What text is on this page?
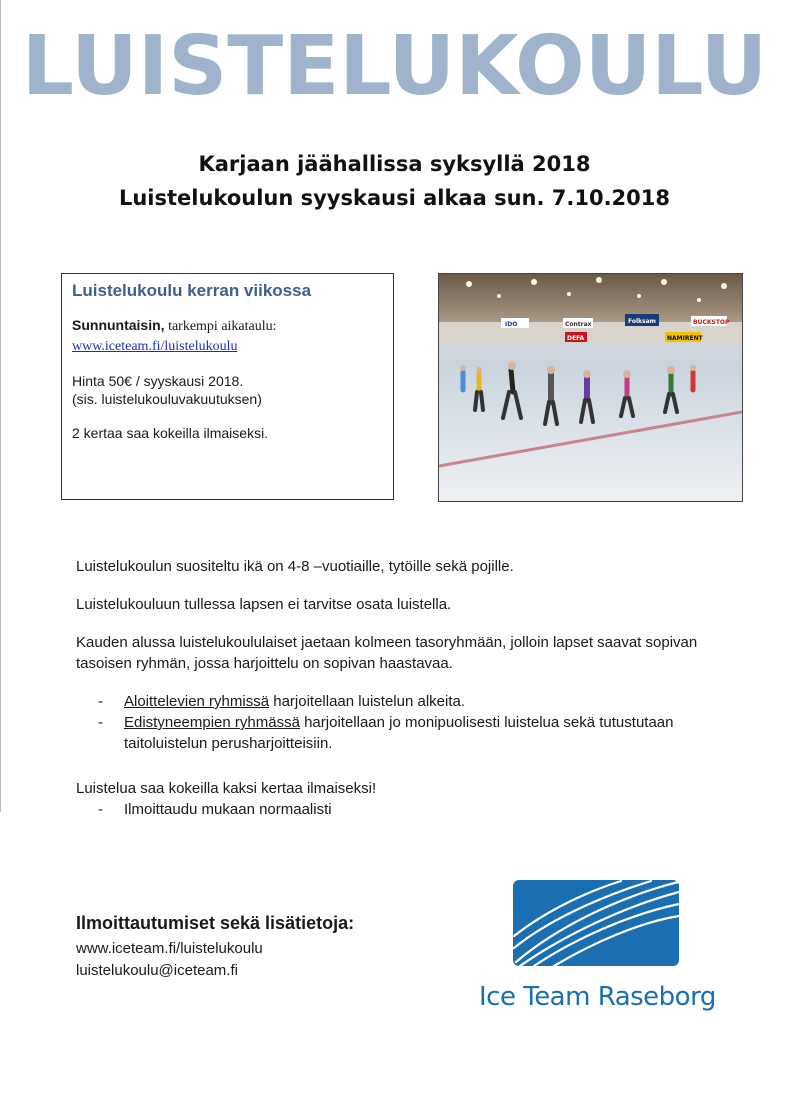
LUISTELUKOULU
Karjaan jäähallissa syksyllä 2018
Luistelukoulun syyskausi alkaa sun. 7.10.2018
Luistelukoulu kerran viikossa
Sunnuntaisin, tarkempi aikataulu:
www.iceteam.fi/luistelukoulu
Hinta 50€ / syyskausi 2018.
(sis. luistelukouluvakuutuksen)
2 kertaa saa kokeilla ilmaiseksi.
IDO	Contrax	Folksam	BUCKSTOP
DEFA	NAMIRENT

Luistelukoulun suositeltu ikä on 4-8 –vuotiaille, tytöille sekä pojille.

Luistelukouluun tullessa lapsen ei tarvitse osata luistella.

Kauden alussa luistelukoululaiset jaetaan kolmeen tasoryhmään, jolloin lapset saavat sopivan tasoisen ryhmän, jossa harjoittelu on sopivan haastavaa.

- Aloittelevien ryhmissä harjoitellaan luistelun alkeita.
- Edistyneempien ryhmässä harjoitellaan jo monipuolisesti luistelua sekä tutustutaan taitoluistelun perusharjoitteisiin.

Luistelua saa kokeilla kaksi kertaa ilmaiseksi!

- Ilmoittaudu mukaan normaalisti
Ilmoittautumiset sekä lisätietoja:
www.iceteam.fi/luistelukoulu
luistelukoulu@iceteam.fi
Ice Team Raseborg
